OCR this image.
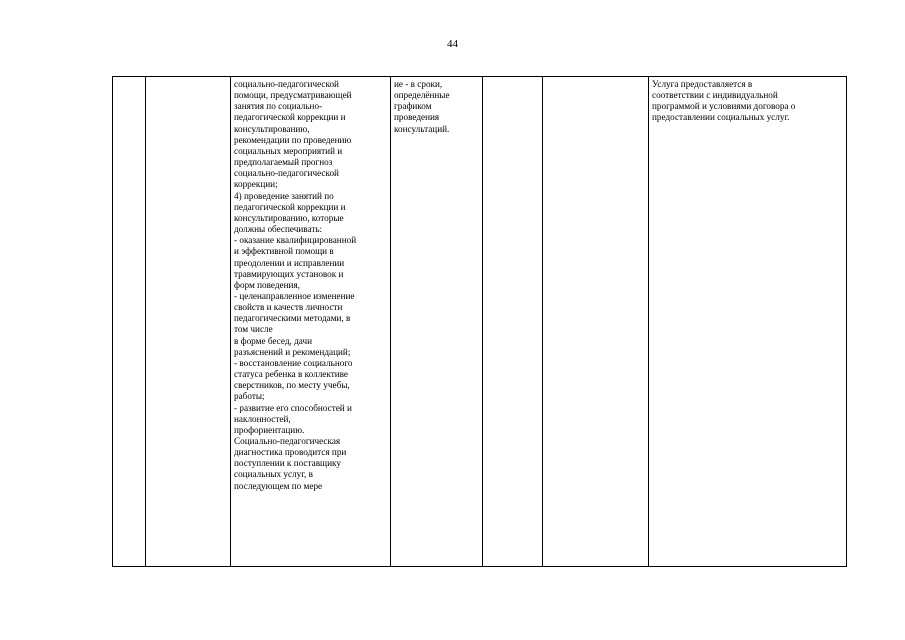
44

социально-педагогической
помощи, предусматривающей
занятия по социально-
педагогической коррекции и
консультированию,
рекомендации по проведению
социальных мероприятий и
предполагаемый прогноз
социально-педагогической
коррекции;
4) проведение занятий по
педагогической коррекции и
консультированию, которые
должны обеспечивать:
- оказание квалифицированной
и эффективной помощи в
преодолении и исправлении
травмирующих установок и
форм поведения,
- целенаправленное изменение
свойств и качеств личности
педагогическими методами, в
том числе
в форме бесед, дачи
разъяснений и рекомендаций;
- восстановление социального
статуса ребенка в коллективе
сверстников, по месту учебы,
работы;
- развитие его способностей и
наклонностей,
профориентацию.
Социально-педагогическая
диагностика проводится при
поступлении к поставщику
социальных услуг, в
последующем по мере

ие - в сроки,
определённые
графиком
проведения
консультаций.

Услуга предоставляется в
соответствии с индивидуальной
программой и условиями договора о
предоставлении социальных услуг.
